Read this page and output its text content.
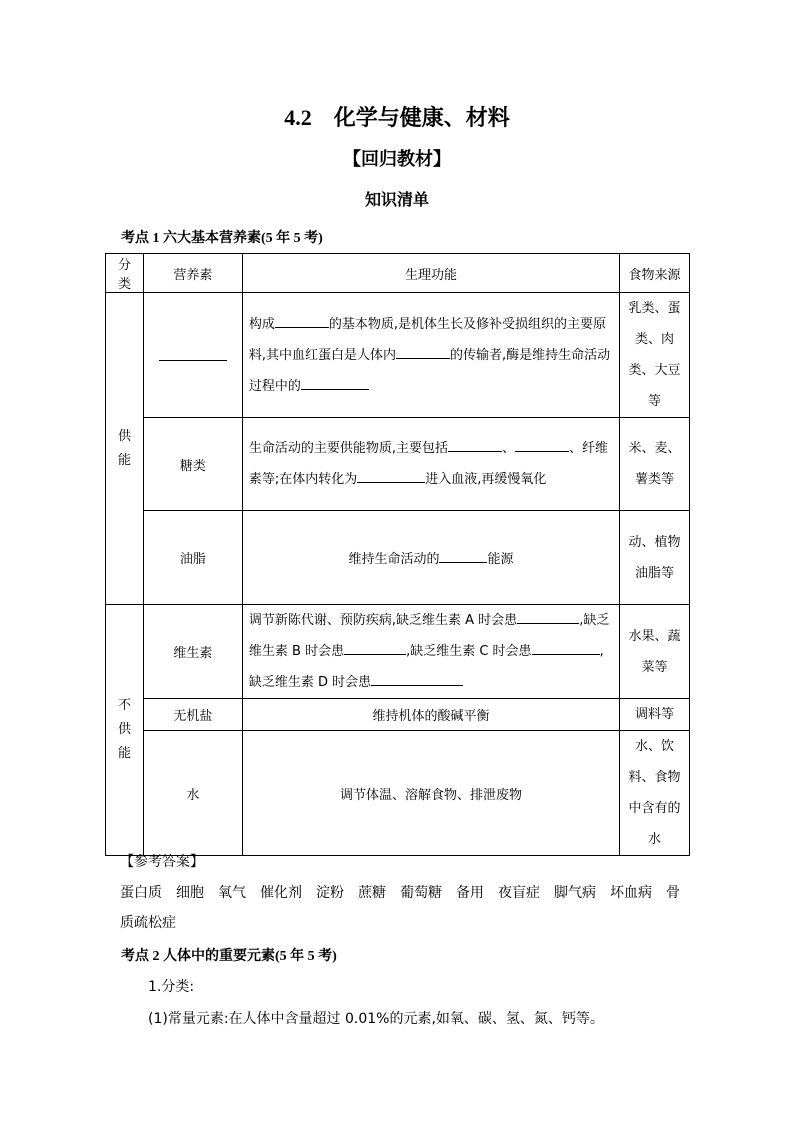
4.2　化学与健康、材料
【回归教材】
知识清单
考点 1 六大基本营养素(5 年 5 考)
分类	营养素	生理功能	食物来源
供能		构成 的基本物质,是机体生长及修补受损组织的主要原料,其中血红蛋白是人体内 的传输者,酶是维持生命活动过程中的	乳类、蛋类、肉类、大豆等
	糖类	生命活动的主要供能物质,主要包括 、 、纤维素等;在体内转化为 进入血液,再缓慢氧化	米、麦、薯类等
	油脂	维持生命活动的 能源	动、植物油脂等
不供能	维生素	调节新陈代谢、预防疾病,缺乏维生素 A 时会患 ,缺乏维生素 B 时会患 ,缺乏维生素 C 时会患 ,缺乏维生素 D 时会患	水果、蔬菜等
	无机盐	维持机体的酸碱平衡	调料等
	水	调节体温、溶解食物、排泄废物	水、饮料、食物中含有的水
【参考答案】
蛋白质 细胞 氧气 催化剂 淀粉 蔗糖 葡萄糖 备用 夜盲症 脚气病 坏血病 骨质疏松症
考点 2 人体中的重要元素(5 年 5 考)
1.分类:
(1)常量元素:在人体中含量超过 0.01%的元素,如氧、碳、氢、氮、钙等。
